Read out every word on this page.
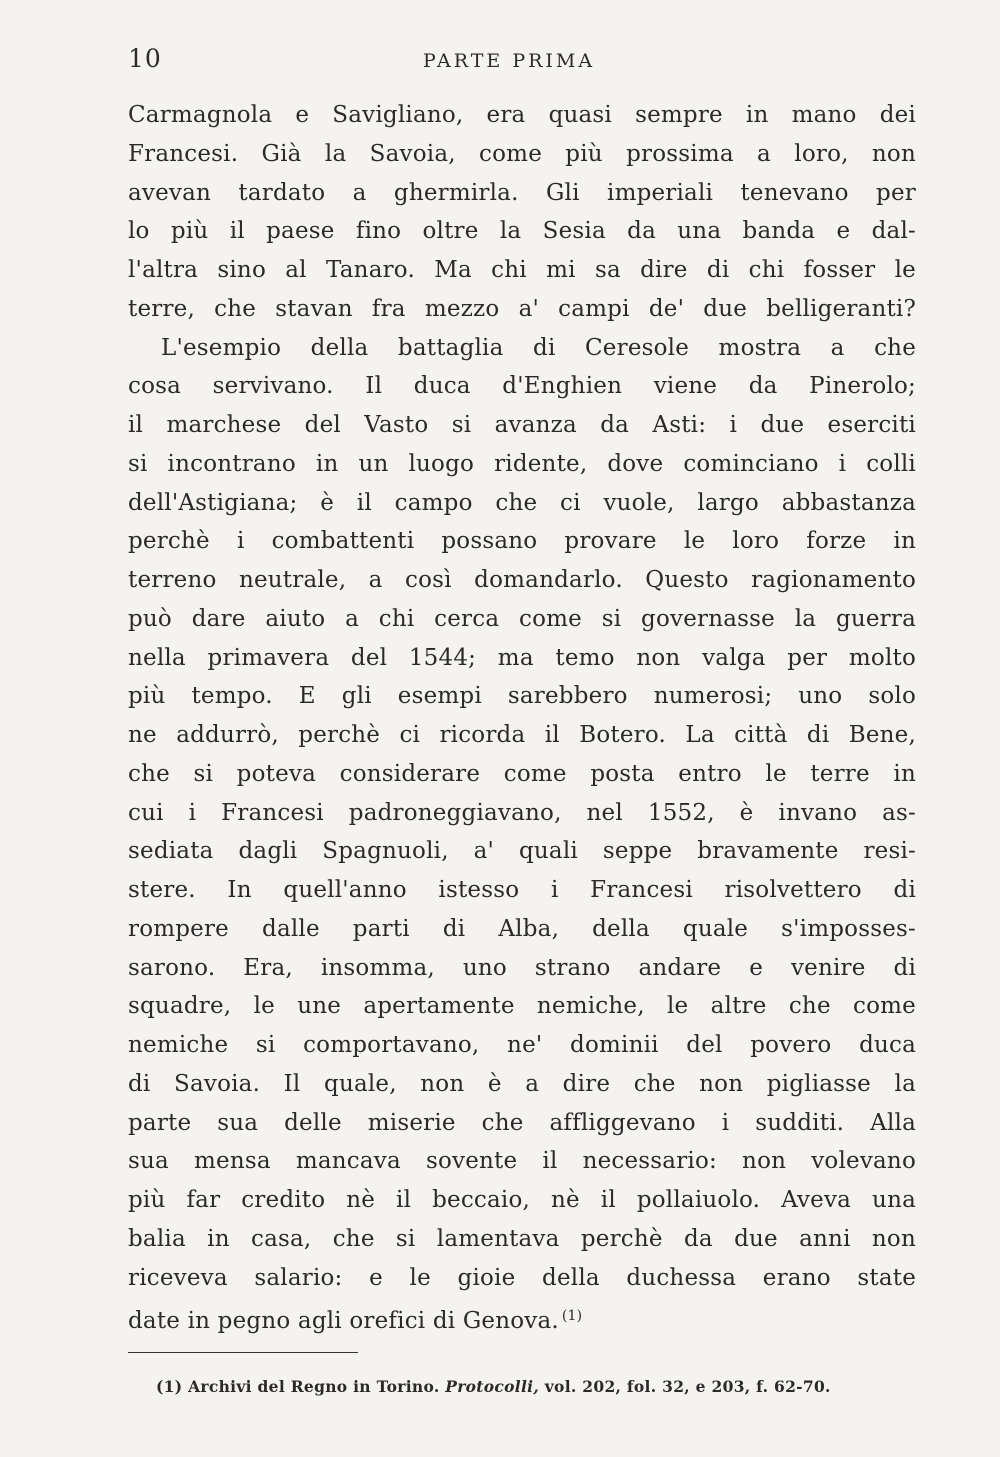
10	PARTE PRIMA
Carmagnola e Savigliano, era quasi sempre in mano dei
Francesi. Già la Savoia, come più prossima a loro, non
avevan tardato a ghermirla. Gli imperiali tenevano per
lo più il paese fino oltre la Sesia da una banda e dal-
l'altra sino al Tanaro. Ma chi mi sa dire di chi fosser le
terre, che stavan fra mezzo a' campi de' due belligeranti?
L'esempio della battaglia di Ceresole mostra a che
cosa servivano. Il duca d'Enghien viene da Pinerolo;
il marchese del Vasto si avanza da Asti: i due eserciti
si incontrano in un luogo ridente, dove cominciano i colli
dell'Astigiana; è il campo che ci vuole, largo abbastanza
perchè i combattenti possano provare le loro forze in
terreno neutrale, a così domandarlo. Questo ragionamento
può dare aiuto a chi cerca come si governasse la guerra
nella primavera del 1544; ma temo non valga per molto
più tempo. E gli esempi sarebbero numerosi; uno solo
ne addurrò, perchè ci ricorda il Botero. La città di Bene,
che si poteva considerare come posta entro le terre in
cui i Francesi padroneggiavano, nel 1552, è invano as-
sediata dagli Spagnuoli, a' quali seppe bravamente resi-
stere. In quell'anno istesso i Francesi risolvettero di
rompere dalle parti di Alba, della quale s'imposses-
sarono. Era, insomma, uno strano andare e venire di
squadre, le une apertamente nemiche, le altre che come
nemiche si comportavano, ne' dominii del povero duca
di Savoia. Il quale, non è a dire che non pigliasse la
parte sua delle miserie che affliggevano i sudditi. Alla
sua mensa mancava sovente il necessario: non volevano
più far credito nè il beccaio, nè il pollaiuolo. Aveva una
balia in casa, che si lamentava perchè da due anni non
riceveva salario: e le gioie della duchessa erano state
date in pegno agli orefici di Genova. $^{(1)}$
(1) Archivi del Regno in Torino. Protocolli, vol. 202, fol. 32, e 203, f. 62-70.
